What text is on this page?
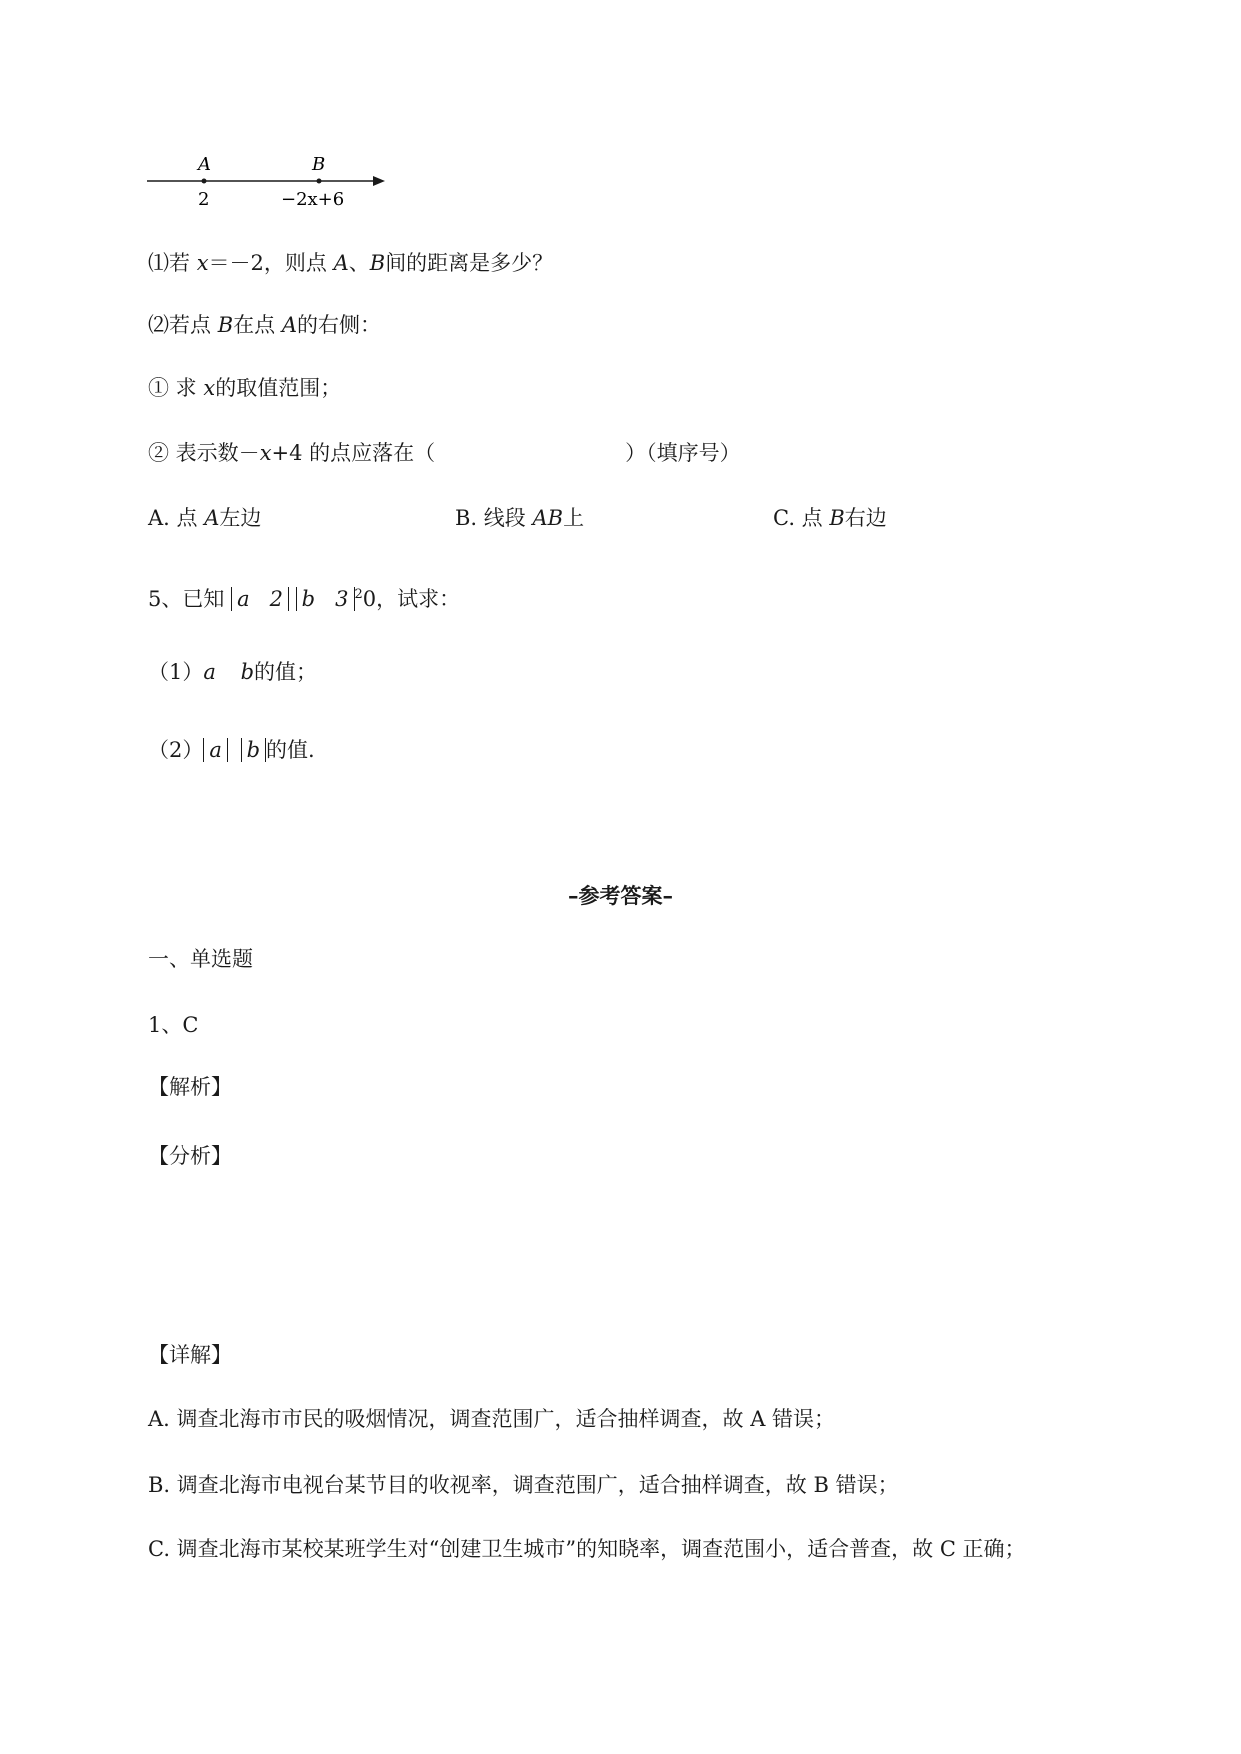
A	B
2	−2x+6
⑴若 x＝－2，则点 A、B间的距离是多少？
⑵若点 B在点 A的右侧：
① 求 x的取值范围；
② 表示数－x+4 的点应落在（	）（填序号）
A. 点 A左边	B. 线段 AB上	C. 点 B右边
5、已知 a   2 b   3 $^2$0，试求：
（1）a b的值；
（2） a b 的值.
–参考答案–
一、单选题
1、C
【解析】
【分析】
【详解】
A. 调查北海市市民的吸烟情况，调查范围广，适合抽样调查，故 A 错误；
B. 调查北海市电视台某节目的收视率，调查范围广，适合抽样调查，故 B 错误；
C. 调查北海市某校某班学生对“创建卫生城市”的知晓率，调查范围小，适合普查，故 C 正确；
